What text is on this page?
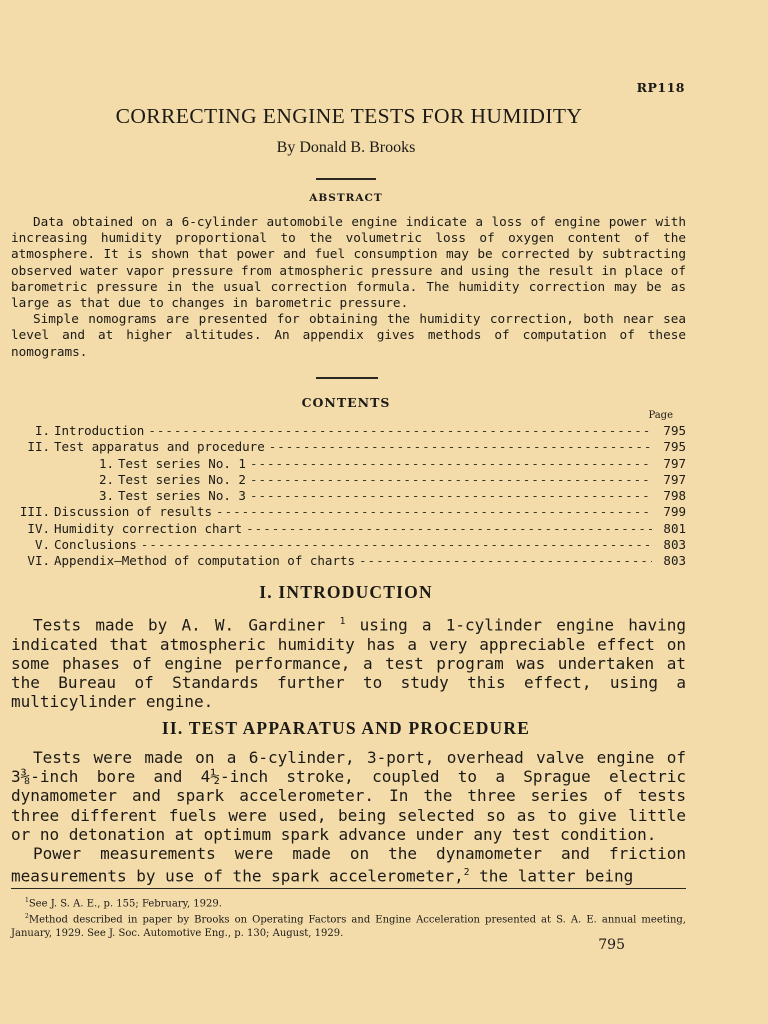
RP118
CORRECTING ENGINE TESTS FOR HUMIDITY
By Donald B. Brooks
ABSTRACT

Data obtained on a 6-cylinder automobile engine indicate a loss of engine power with increasing humidity proportional to the volumetric loss of oxygen content of the atmosphere. It is shown that power and fuel consumption may be corrected by subtracting observed water vapor pressure from atmospheric pressure and using the result in place of barometric pressure in the usual correction formula. The humidity correction may be as large as that due to changes in barometric pressure.

Simple nomograms are presented for obtaining the humidity correction, both near sea level and at higher altitudes. An appendix gives methods of computation of these nomograms.

CONTENTS
Page
I. Introduction -----	795
II. Test apparatus and procedure -----	795
1. Test series No. 1 -----	797
2. Test series No. 2 -----	797
3. Test series No. 3 -----	798
III. Discussion of results -----	799
IV. Humidity correction chart -----	801
V. Conclusions -----	803
VI. Appendix—Method of computation of charts -----	803
I. INTRODUCTION

Tests made by A. W. Gardiner $^1$ using a 1-cylinder engine having indicated that atmospheric humidity has a very appreciable effect on some phases of engine performance, a test program was undertaken at the Bureau of Standards further to study this effect, using a multicylinder engine.

II. TEST APPARATUS AND PROCEDURE

Tests were made on a 6-cylinder, 3-port, overhead valve engine of 3⅜-inch bore and 4½-inch stroke, coupled to a Sprague electric dynamometer and spark accelerometer. In the three series of tests three different fuels were used, being selected so as to give little or no detonation at optimum spark advance under any test condition.

Power measurements were made on the dynamometer and friction measurements by use of the spark accelerometer,$^2$ the latter being

$^1$See J. S. A. E., p. 155; February, 1929.

$^2$Method described in paper by Brooks on Operating Factors and Engine Acceleration presented at S. A. E. annual meeting, January, 1929. See J. Soc. Automotive Eng., p. 130; August, 1929.

795
